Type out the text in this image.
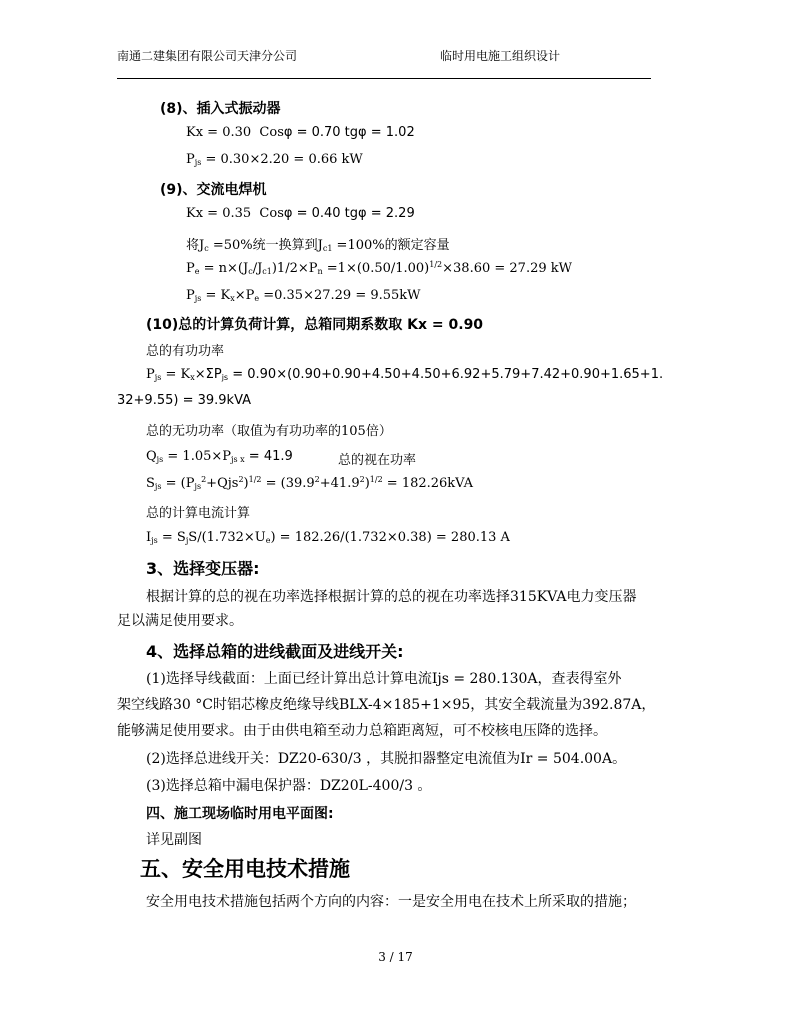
南通二建集团有限公司天津分公司	临时用电施工组织设计
(8)、插入式振动器
Kx = 0.30 Cosφ = 0.70 tgφ = 1.02
$P_{js} = 0.30\times 2.20 = 0.66$ kW
(9)、交流电焊机
Kx = 0.35 Cosφ = 0.40 tgφ = 2.29
将$J_c =50\%$统一换算到$J_{c1} =100\%$的额定容量
$P_e = n\times(J_c/J_{c1})1/2\times P_n =1\times(0.50/1.00)^{1/2}\times 38.60 = 27.29$ kW
$P_{js} = K_x\times P_e =0.35\times 27.29 = 9.55kW$
(10)总的计算负荷计算，总箱同期系数取 Kx = 0.90
总的有功功率
$P_{js} = K_x\times\Sigma P_{js} = 0.90\times(0.90+0.90+4.50+4.50+6.92+5.79+7.42+0.90+1.65+1$.
32+9.55) = 39.9kVA
总的无功功率（取值为有功功率的105倍）
$Q_{js} = 1.05\times P_{js x} = 41.9$	总的视在功率
$S_{js} = (P_{js}^2+Qjs^2)^{1/2} = (39.9^2+41.9^2)^{1/2} = 182.26kVA$
总的计算电流计算
$I_{js} = S_jS/(1.732\times U_e) = 182.26/(1.732\times 0.38) = 280.13$ A
3、选择变压器:
根据计算的总的视在功率选择根据计算的总的视在功率选择315KVA电力变压器
足以满足使用要求。
4、选择总箱的进线截面及进线开关:
(1)选择导线截面：上面已经计算出总计算电流Ijs = 280.130A，查表得室外
架空线路30 °C时铝芯橡皮绝缘导线BLX-4×185+1×95，其安全载流量为392.87A，
能够满足使用要求。由于由供电箱至动力总箱距离短，可不校核电压降的选择。
(2)选择总进线开关：DZ20-630/3 ，其脱扣器整定电流值为Ir = 504.00A。
(3)选择总箱中漏电保护器：DZ20L-400/3 。
四、施工现场临时用电平面图:
详见副图
五、安全用电技术措施
安全用电技术措施包括两个方向的内容：一是安全用电在技术上所采取的措施；
3 / 17
